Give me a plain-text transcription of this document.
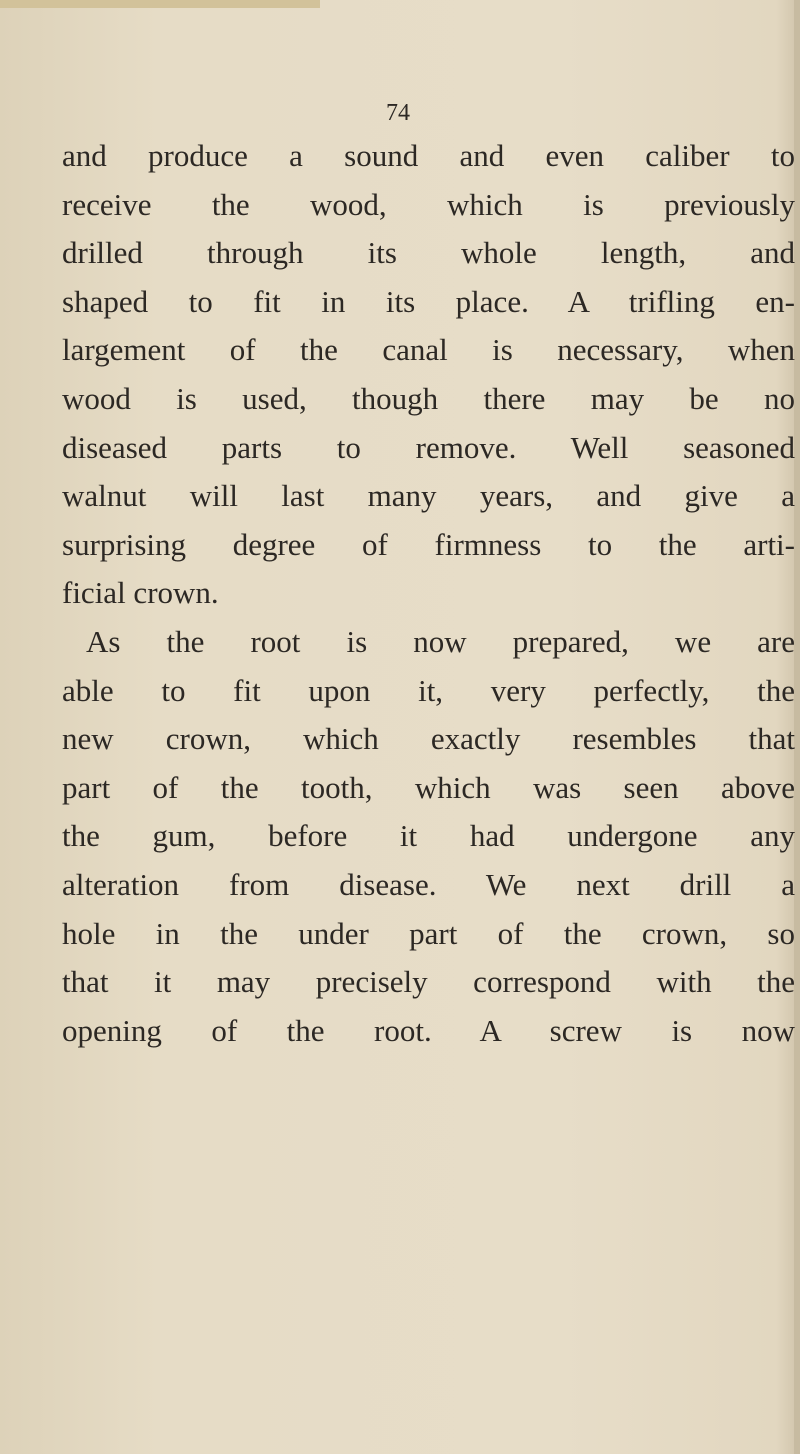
74
and produce a sound and even caliber to
receive the wood, which is previously
drilled through its whole length, and
shaped to fit in its place. A trifling en-
largement of the canal is necessary, when
wood is used, though there may be no
diseased parts to remove. Well seasoned
walnut will last many years, and give a
surprising degree of firmness to the arti-
ficial crown.
As the root is now prepared, we are
able to fit upon it, very perfectly, the
new crown, which exactly resembles that
part of the tooth, which was seen above
the gum, before it had undergone any
alteration from disease. We next drill a
hole in the under part of the crown, so
that it may precisely correspond with the
opening of the root. A screw is now
